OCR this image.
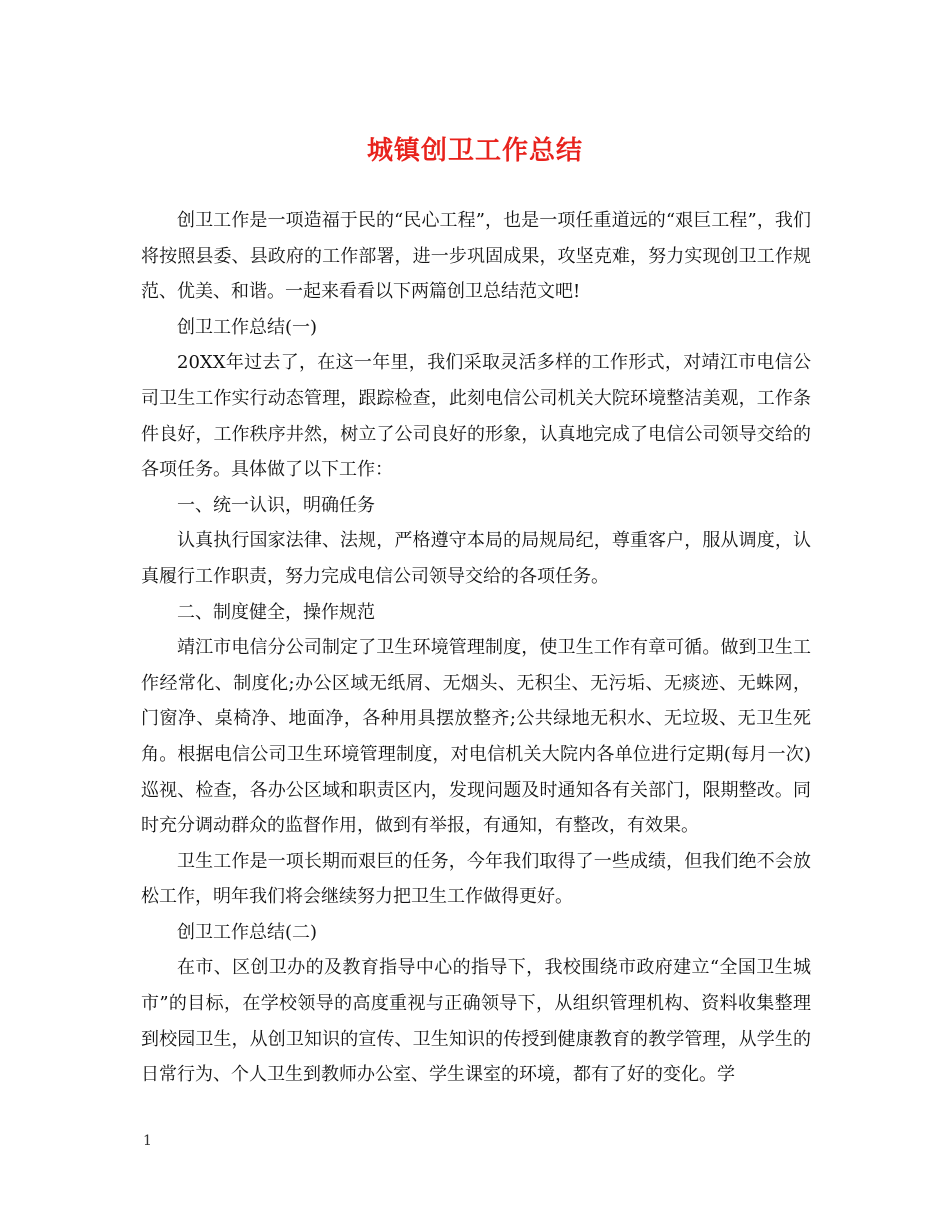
城镇创卫工作总结

创卫工作是一项造福于民的“民心工程”，也是一项任重道远的“艰巨工程”，我们将按照县委、县政府的工作部署，进一步巩固成果，攻坚克难，努力实现创卫工作规范、优美、和谐。一起来看看以下两篇创卫总结范文吧!

创卫工作总结(一)

20XX年过去了，在这一年里，我们采取灵活多样的工作形式，对靖江市电信公司卫生工作实行动态管理，跟踪检查，此刻电信公司机关大院环境整洁美观，工作条件良好，工作秩序井然，树立了公司良好的形象，认真地完成了电信公司领导交给的各项任务。具体做了以下工作：

一、统一认识，明确任务

认真执行国家法律、法规，严格遵守本局的局规局纪，尊重客户，服从调度，认真履行工作职责，努力完成电信公司领导交给的各项任务。

二、制度健全，操作规范

靖江市电信分公司制定了卫生环境管理制度，使卫生工作有章可循。做到卫生工作经常化、制度化;办公区域无纸屑、无烟头、无积尘、无污垢、无痰迹、无蛛网，门窗净、桌椅净、地面净，各种用具摆放整齐;公共绿地无积水、无垃圾、无卫生死角。根据电信公司卫生环境管理制度，对电信机关大院内各单位进行定期(每月一次)巡视、检查，各办公区域和职责区内，发现问题及时通知各有关部门，限期整改。同时充分调动群众的监督作用，做到有举报，有通知，有整改，有效果。

卫生工作是一项长期而艰巨的任务，今年我们取得了一些成绩，但我们绝不会放松工作，明年我们将会继续努力把卫生工作做得更好。

创卫工作总结(二)

在市、区创卫办的及教育指导中心的指导下，我校围绕市政府建立“全国卫生城市”的目标，在学校领导的高度重视与正确领导下，从组织管理机构、资料收集整理到校园卫生，从创卫知识的宣传、卫生知识的传授到健康教育的教学管理，从学生的日常行为、个人卫生到教师办公室、学生课室的环境，都有了好的变化。学

1
